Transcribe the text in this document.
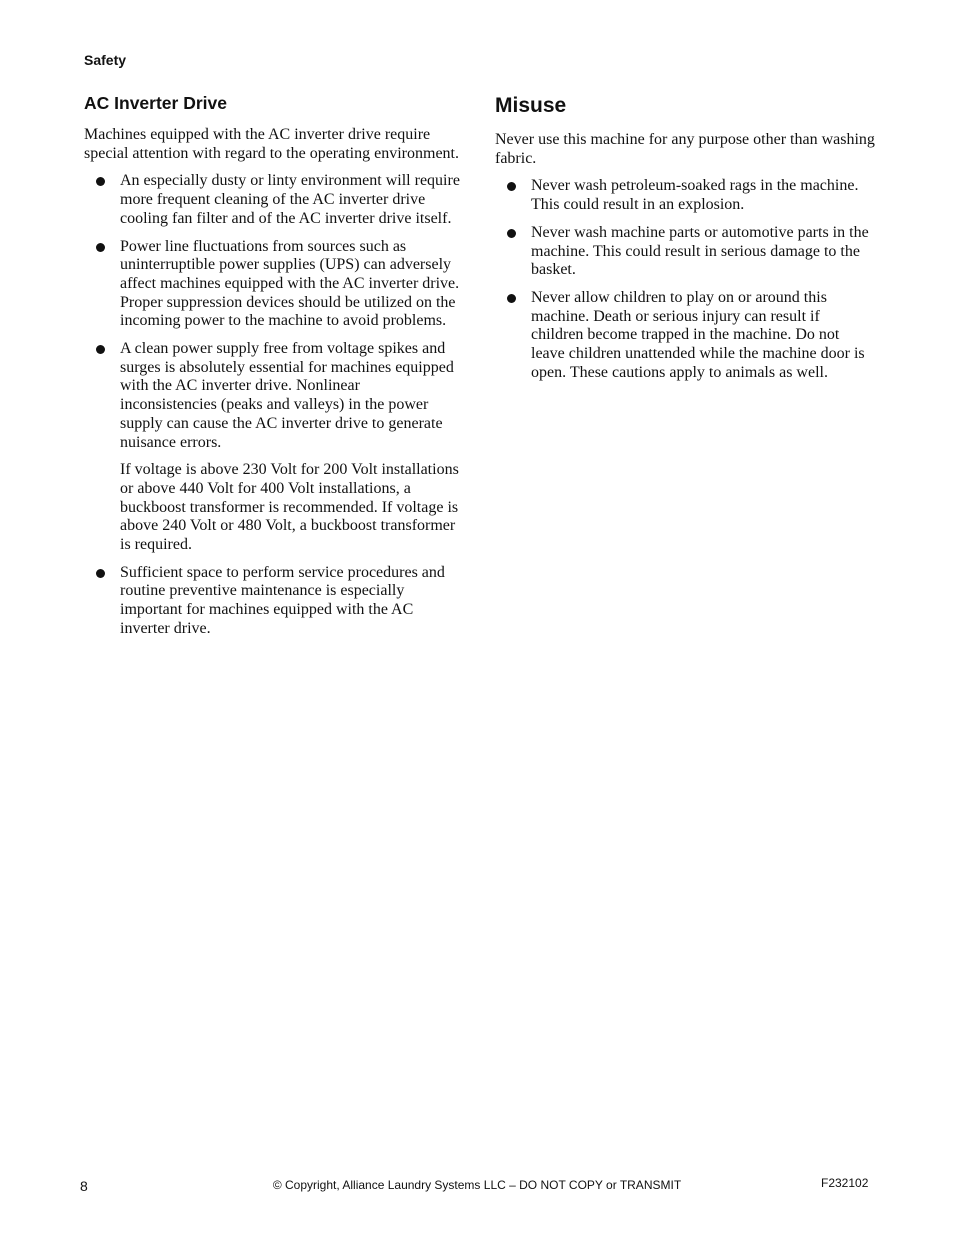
Safety
AC Inverter Drive

Machines equipped with the AC inverter drive require special attention with regard to the operating environment.

An especially dusty or linty environment will require more frequent cleaning of the AC inverter drive cooling fan filter and of the AC inverter drive itself.
Power line fluctuations from sources such as uninterruptible power supplies (UPS) can adversely affect machines equipped with the AC inverter drive. Proper suppression devices should be utilized on the incoming power to the machine to avoid problems.
A clean power supply free from voltage spikes and surges is absolutely essential for machines equipped with the AC inverter drive. Nonlinear inconsistencies (peaks and valleys) in the power supply can cause the AC inverter drive to generate nuisance errors.
If voltage is above 230 Volt for 200 Volt installations or above 440 Volt for 400 Volt installations, a buckboost transformer is recommended. If voltage is above 240 Volt or 480 Volt, a buckboost transformer is required.
Sufficient space to perform service procedures and routine preventive maintenance is especially important for machines equipped with the AC inverter drive.
Misuse

Never use this machine for any purpose other than washing fabric.

Never wash petroleum-soaked rags in the machine. This could result in an explosion.
Never wash machine parts or automotive parts in the machine. This could result in serious damage to the basket.
Never allow children to play on or around this machine. Death or serious injury can result if children become trapped in the machine. Do not leave children unattended while the machine door is open. These cautions apply to animals as well.
8	© Copyright, Alliance Laundry Systems LLC – DO NOT COPY or TRANSMIT	F232102
